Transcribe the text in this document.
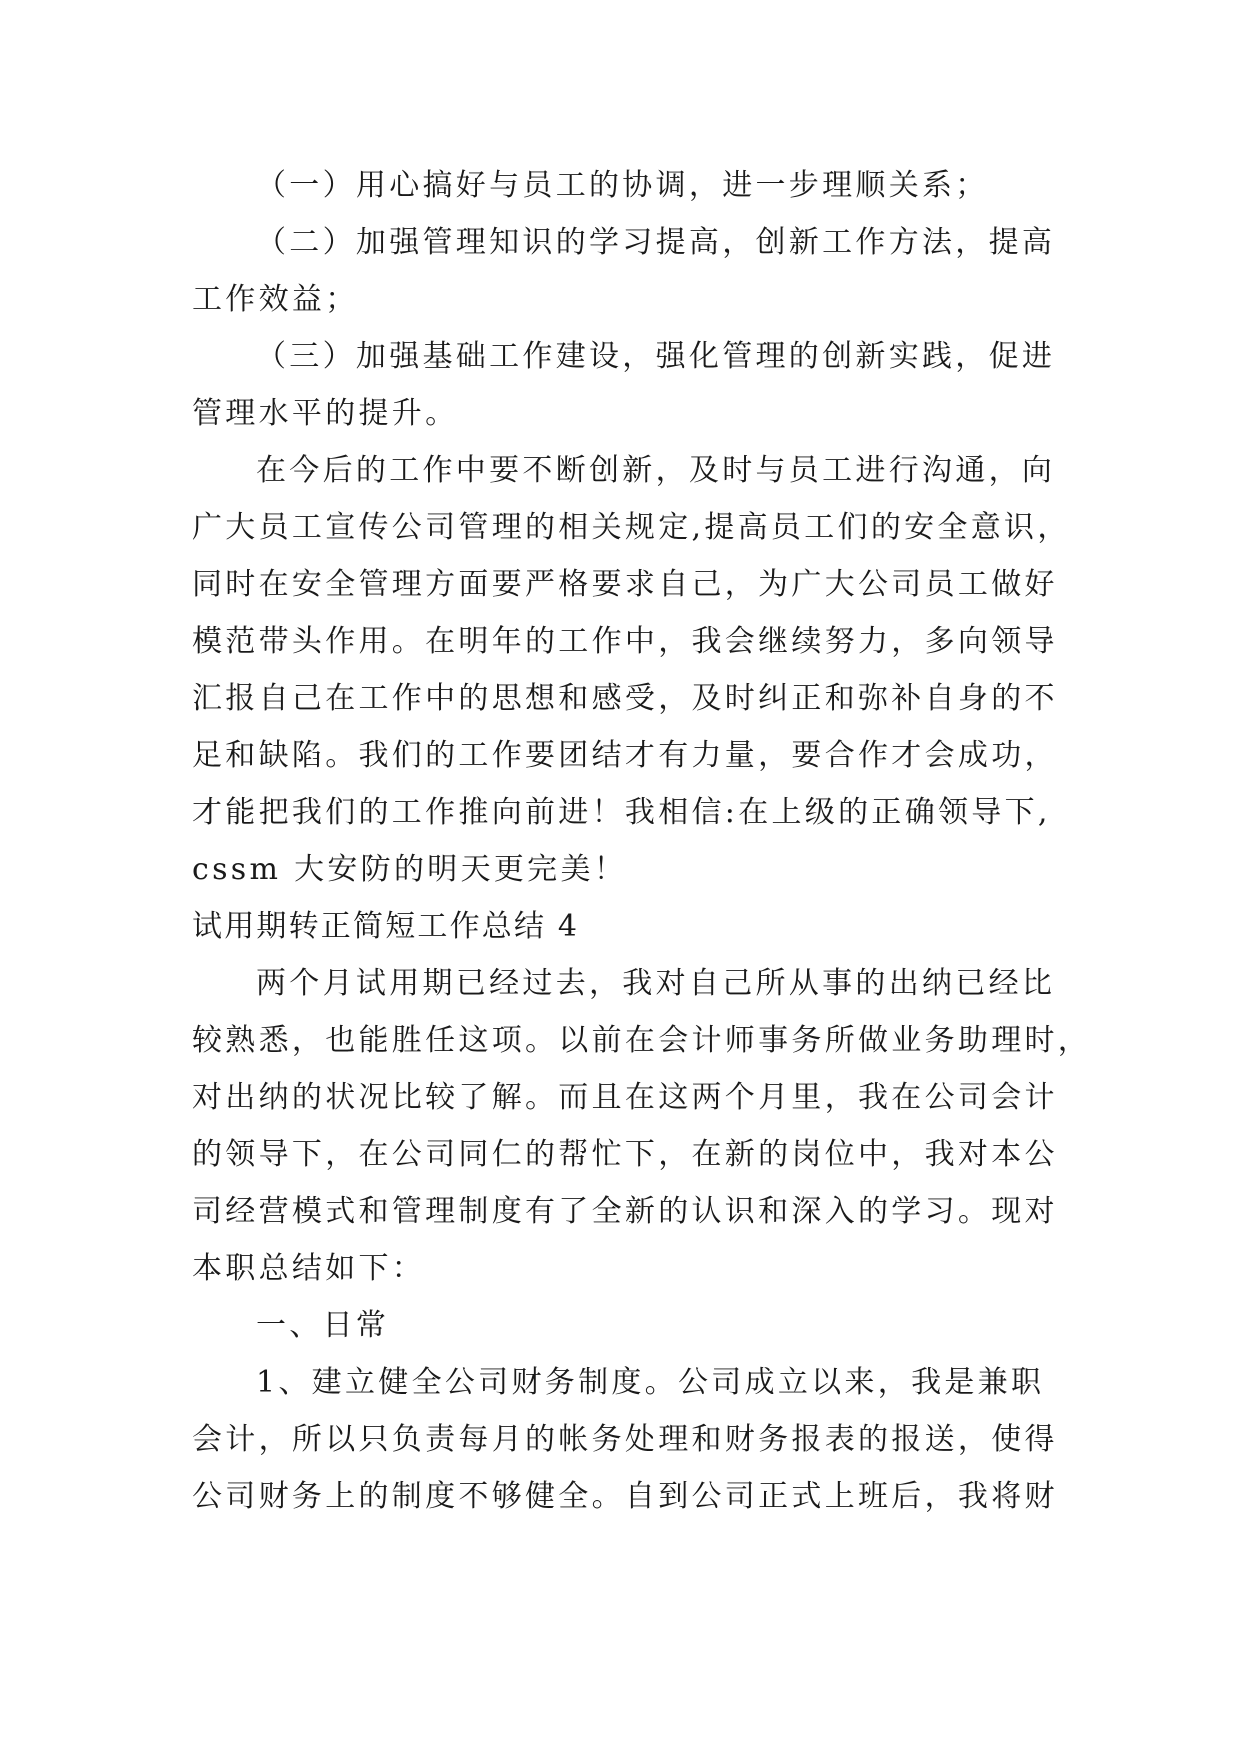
（一）用心搞好与员工的协调，进一步理顺关系；
（二）加强管理知识的学习提高，创新工作方法，提高
工作效益；
（三）加强基础工作建设，强化管理的创新实践，促进
管理水平的提升。
在今后的工作中要不断创新，及时与员工进行沟通，向
广大员工宣传公司管理的相关规定,提高员工们的安全意识，
同时在安全管理方面要严格要求自己，为广大公司员工做好
模范带头作用。在明年的工作中，我会继续努力，多向领导
汇报自己在工作中的思想和感受，及时纠正和弥补自身的不
足和缺陷。我们的工作要团结才有力量，要合作才会成功，
才能把我们的工作推向前进！我相信:在上级的正确领导下,
cssm 大安防的明天更完美！
试用期转正简短工作总结 4
两个月试用期已经过去，我对自己所从事的出纳已经比
较熟悉，也能胜任这项。以前在会计师事务所做业务助理时，
对出纳的状况比较了解。而且在这两个月里，我在公司会计
的领导下，在公司同仁的帮忙下，在新的岗位中，我对本公
司经营模式和管理制度有了全新的认识和深入的学习。现对
本职总结如下：
一、日常
1、建立健全公司财务制度。公司成立以来，我是兼职
会计，所以只负责每月的帐务处理和财务报表的报送，使得
公司财务上的制度不够健全。自到公司正式上班后，我将财
